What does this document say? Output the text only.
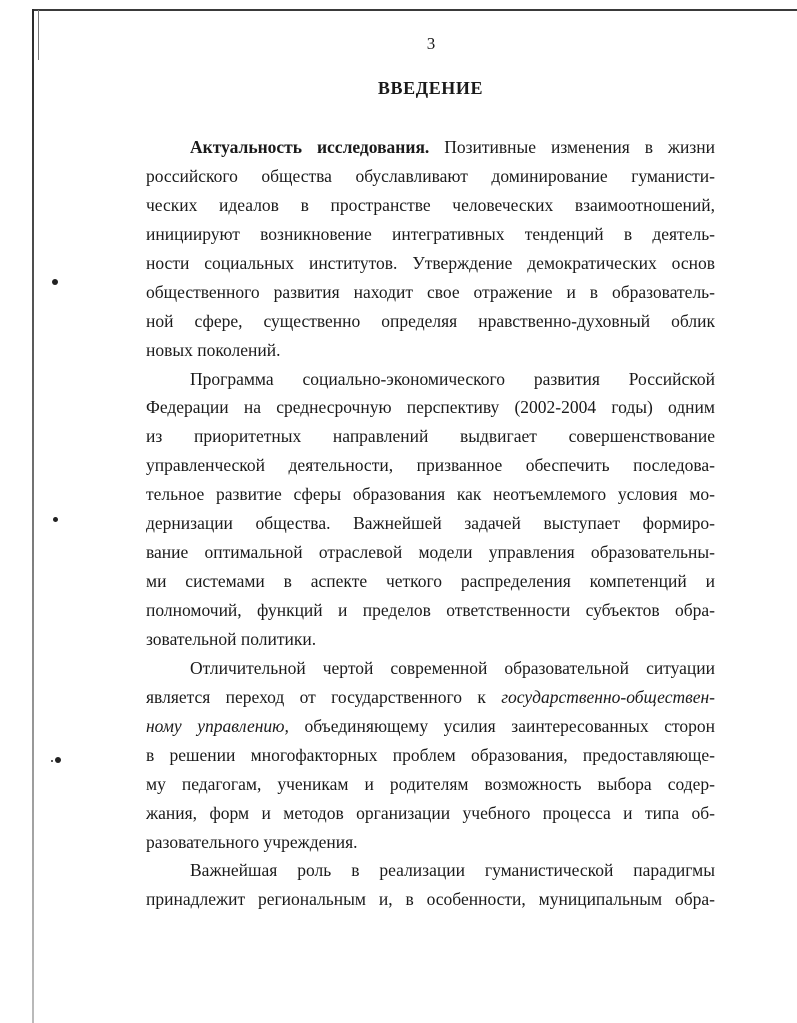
3
ВВЕДЕНИЕ
Актуальность исследования. Позитивные изменения в жизни
российского общества обуславливают доминирование гуманисти-
ческих идеалов в пространстве человеческих взаимоотношений,
инициируют возникновение интегративных тенденций в деятель-
ности социальных институтов. Утверждение демократических основ
общественного развития находит свое отражение и в образователь-
ной сфере, существенно определяя нравственно-духовный облик
новых поколений.
Программа социально-экономического развития Российской
Федерации на среднесрочную перспективу (2002-2004 годы) одним
из приоритетных направлений выдвигает совершенствование
управленческой деятельности, призванное обеспечить последова-
тельное развитие сферы образования как неотъемлемого условия мо-
дернизации общества. Важнейшей задачей выступает формиро-
вание оптимальной отраслевой модели управления образовательны-
ми системами в аспекте четкого распределения компетенций и
полномочий, функций и пределов ответственности субъектов обра-
зовательной политики.
Отличительной чертой современной образовательной ситуации
является переход от государственного к государственно-обществен-
ному управлению, объединяющему усилия заинтересованных сторон
в решении многофакторных проблем образования, предоставляюще-
му педагогам, ученикам и родителям возможность выбора содер-
жания, форм и методов организации учебного процесса и типа об-
разовательного учреждения.
Важнейшая роль в реализации гуманистической парадигмы
принадлежит региональным и, в особенности, муниципальным обра-
